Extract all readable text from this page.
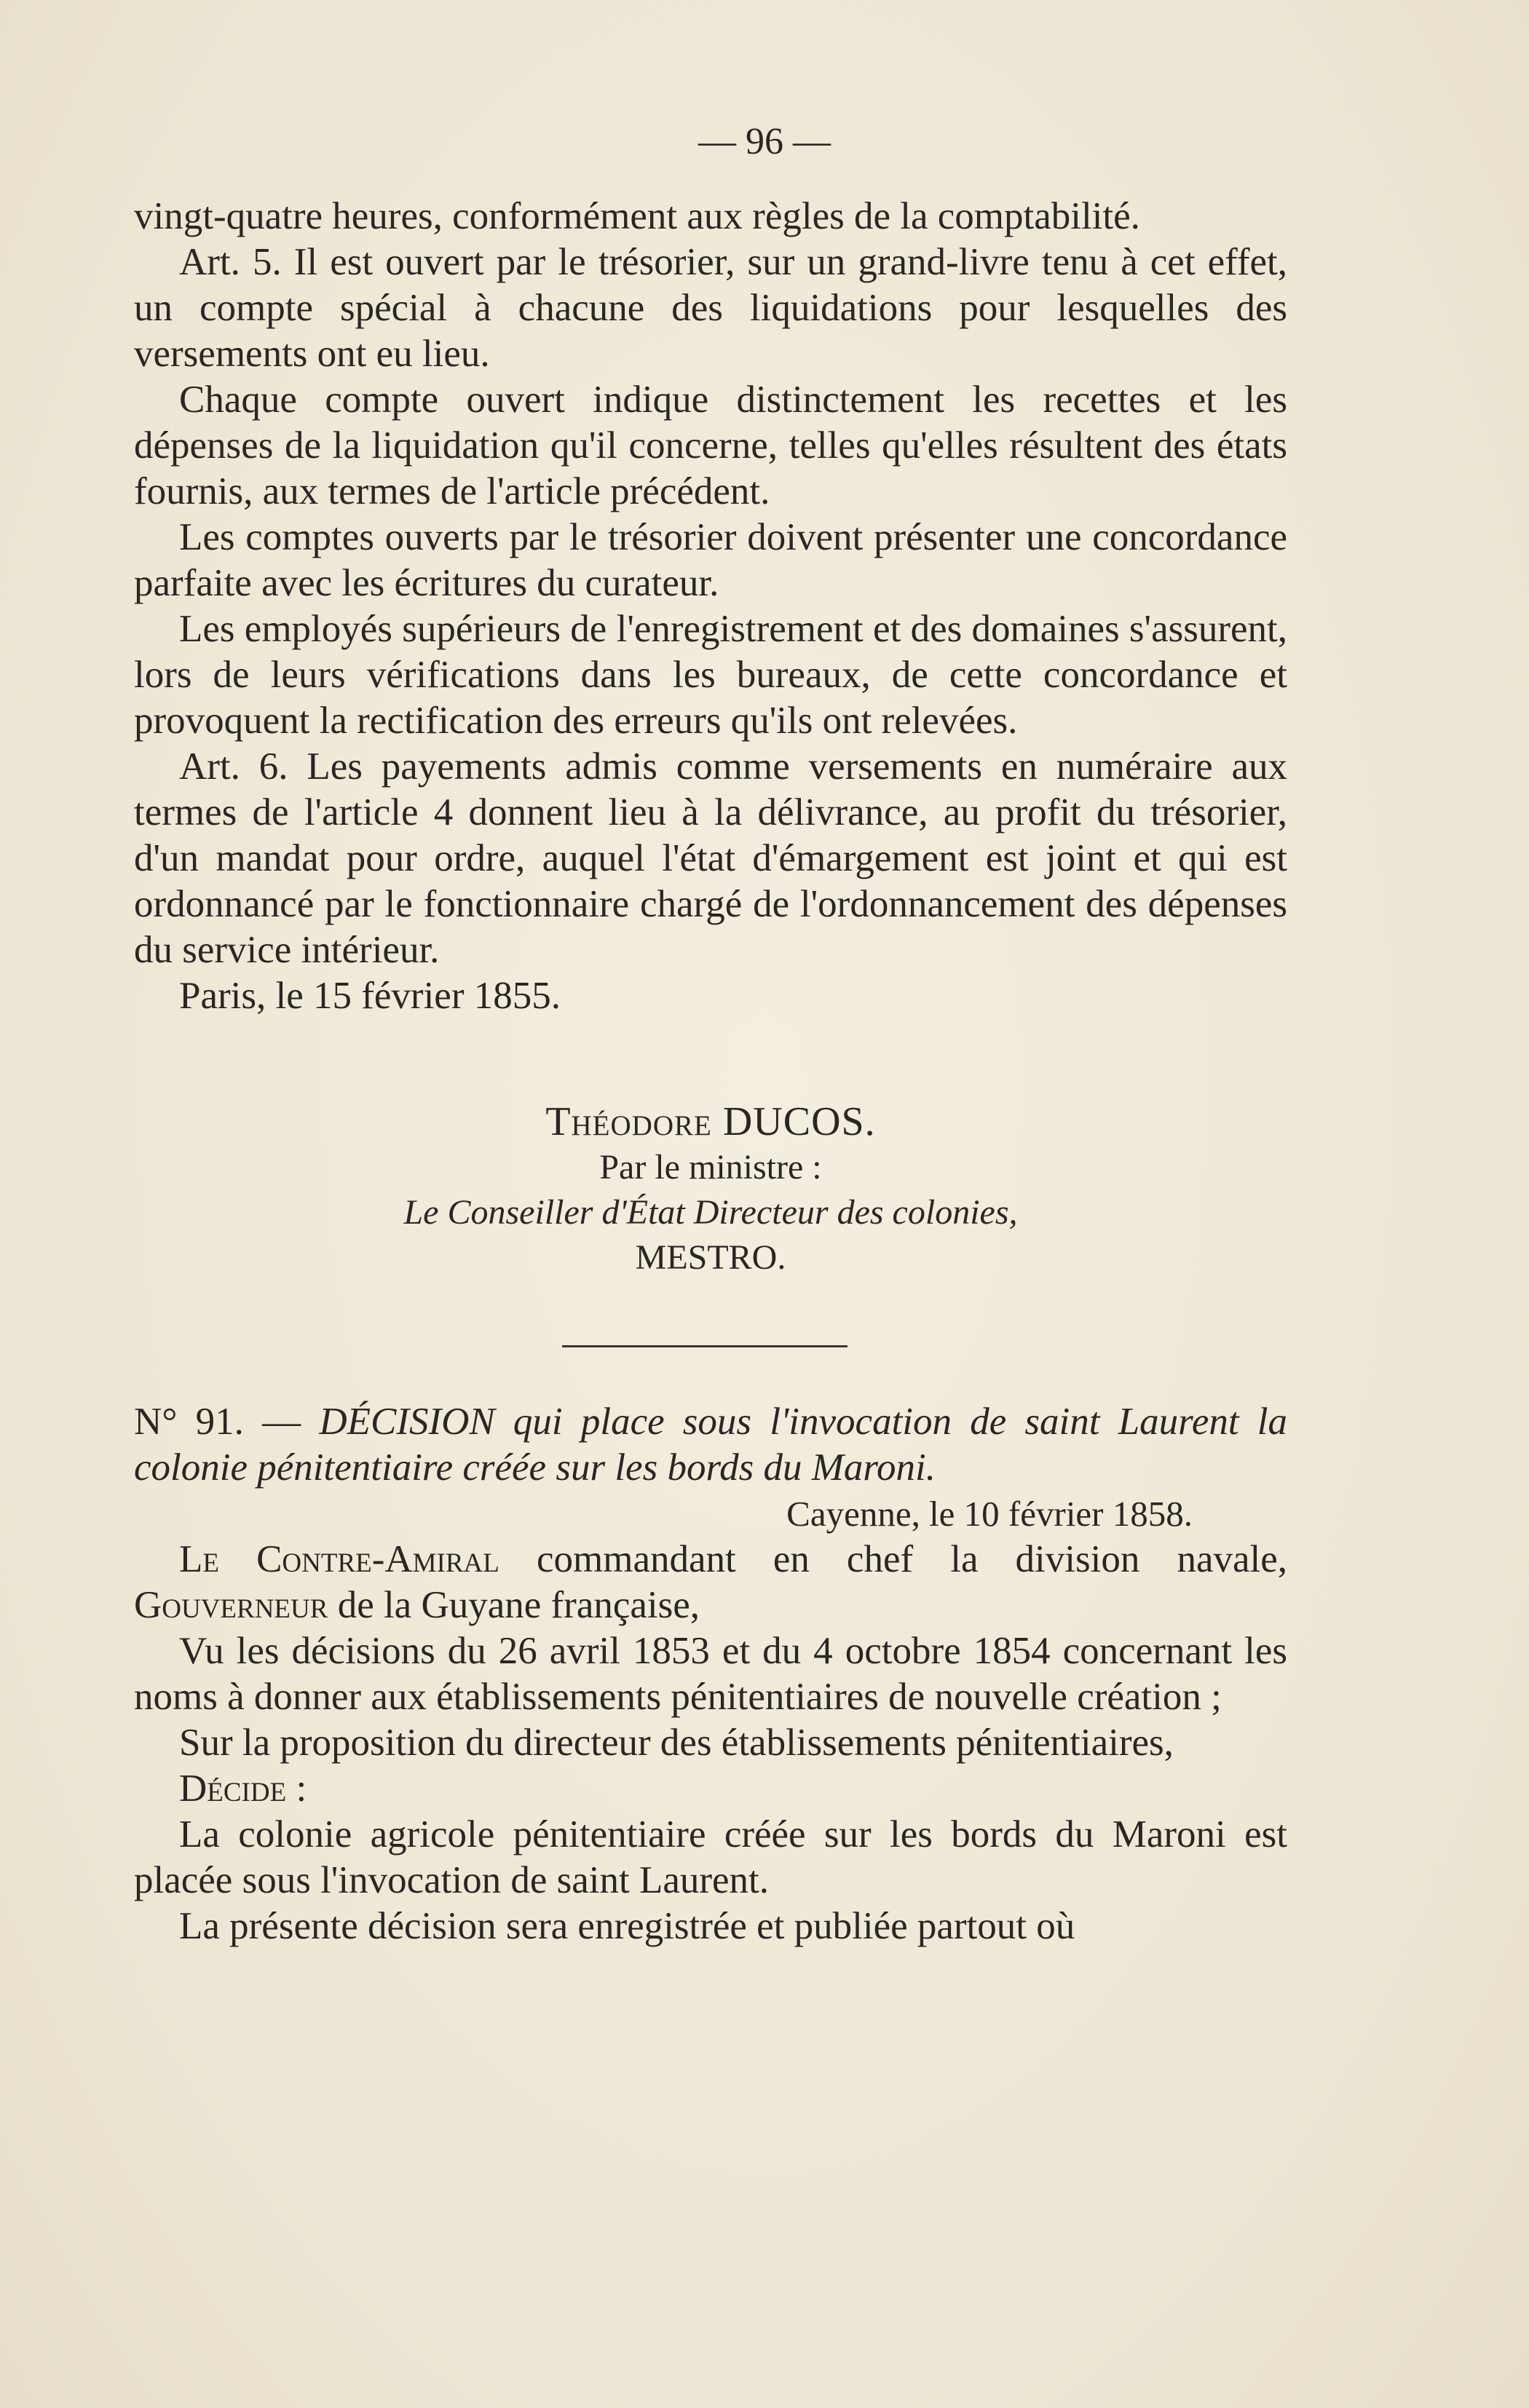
— 96 —

vingt-quatre heures, conformément aux règles de la comptabilité.

Art. 5. Il est ouvert par le trésorier, sur un grand-livre tenu à cet effet, un compte spécial à chacune des liquidations pour lesquelles des versements ont eu lieu.

Chaque compte ouvert indique distinctement les recettes et les dépenses de la liquidation qu'il concerne, telles qu'elles résultent des états fournis, aux termes de l'article précédent.

Les comptes ouverts par le trésorier doivent présenter une concordance parfaite avec les écritures du curateur.

Les employés supérieurs de l'enregistrement et des domaines s'assurent, lors de leurs vérifications dans les bureaux, de cette concordance et provoquent la rectification des erreurs qu'ils ont relevées.

Art. 6. Les payements admis comme versements en numéraire aux termes de l'article 4 donnent lieu à la délivrance, au profit du trésorier, d'un mandat pour ordre, auquel l'état d'émargement est joint et qui est ordonnancé par le fonctionnaire chargé de l'ordonnancement des dépenses du service intérieur.

Paris, le 15 février 1855.

Théodore DUCOS.

Par le ministre :

Le Conseiller d'État Directeur des colonies,

MESTRO.

N° 91. — DÉCISION qui place sous l'invocation de saint Laurent la colonie pénitentiaire créée sur les bords du Maroni.

Cayenne, le 10 février 1858.

Le Contre-Amiral commandant en chef la division navale, Gouverneur de la Guyane française,

Vu les décisions du 26 avril 1853 et du 4 octobre 1854 concernant les noms à donner aux établissements pénitentiaires de nouvelle création ;

Sur la proposition du directeur des établissements pénitentiaires,

Décide :

La colonie agricole pénitentiaire créée sur les bords du Maroni est placée sous l'invocation de saint Laurent.

La présente décision sera enregistrée et publiée partout où
